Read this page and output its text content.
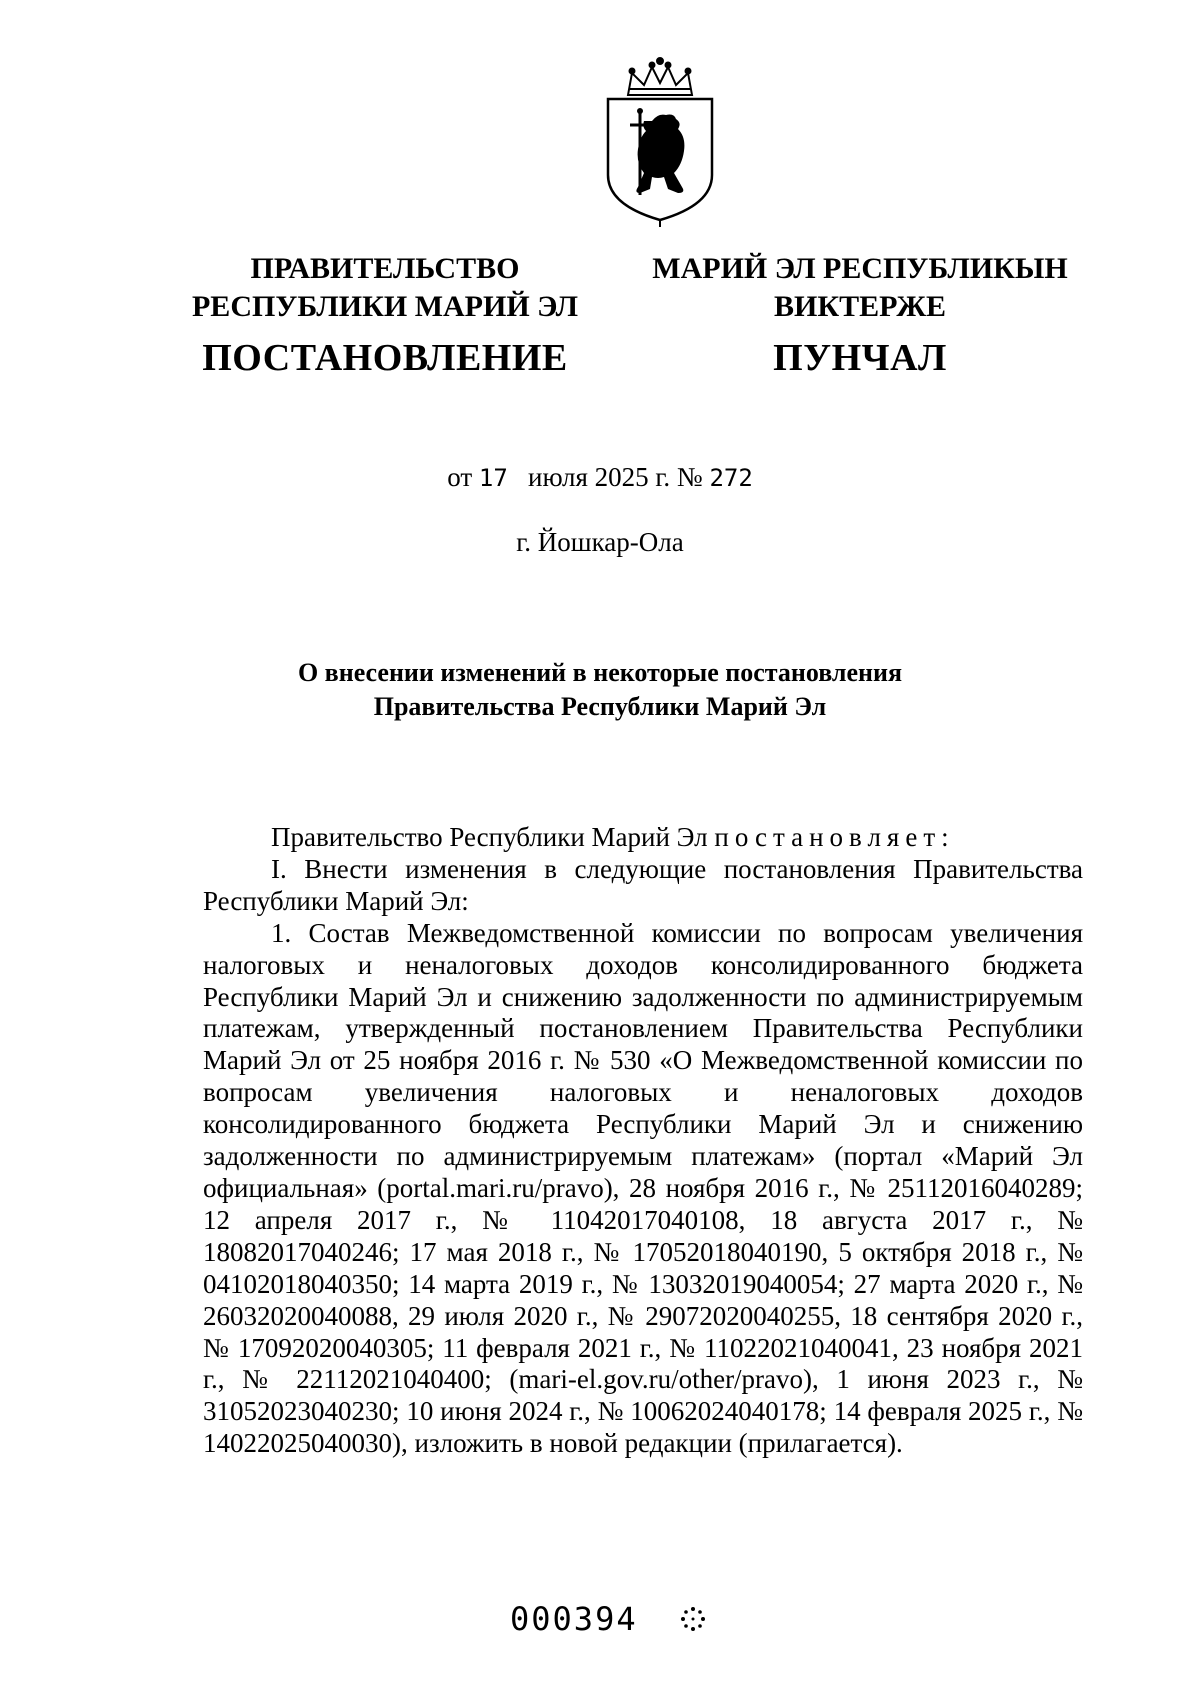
ПРАВИТЕЛЬСТВО
РЕСПУБЛИКИ МАРИЙ ЭЛ
ПОСТАНОВЛЕНИЕ
МАРИЙ ЭЛ РЕСПУБЛИКЫН
ВИКТЕРЖЕ
ПУНЧАЛ
от 17 июля 2025 г. № 272
г. Йошкар-Ола
О внесении изменений в некоторые постановления
Правительства Республики Марий Эл

Правительство Республики Марий Эл постановляет:

I. Внести изменения в следующие постановления Правительства Республики Марий Эл:

1. Состав Межведомственной комиссии по вопросам увеличения налоговых и неналоговых доходов консолидированного бюджета Республики Марий Эл и снижению задолженности по администрируемым платежам, утвержденный постановлением Правительства Республики Марий Эл от 25 ноября 2016 г. № 530 «О Межведомственной комиссии по вопросам увеличения налоговых и неналоговых доходов консолидированного бюджета Республики Марий Эл и снижению задолженности по администрируемым платежам» (портал «Марий Эл официальная» (portal.mari.ru/pravo), 28 ноября 2016 г., № 25112016040289; 12 апреля 2017 г., № 11042017040108, 18 августа 2017 г., № 18082017040246; 17 мая 2018 г., № 17052018040190, 5 октября 2018 г., № 04102018040350; 14 марта 2019 г., № 13032019040054; 27 марта 2020 г., № 26032020040088, 29 июля 2020 г., № 29072020040255, 18 сентября 2020 г., № 17092020040305; 11 февраля 2021 г., № 11022021040041, 23 ноября 2021 г., № 22112021040400; (mari-el.gov.ru/other/pravo), 1 июня 2023 г., № 31052023040230; 10 июня 2024 г., № 10062024040178; 14 февраля 2025 г., № 14022025040030), изложить в новой редакции (прилагается).

000394
